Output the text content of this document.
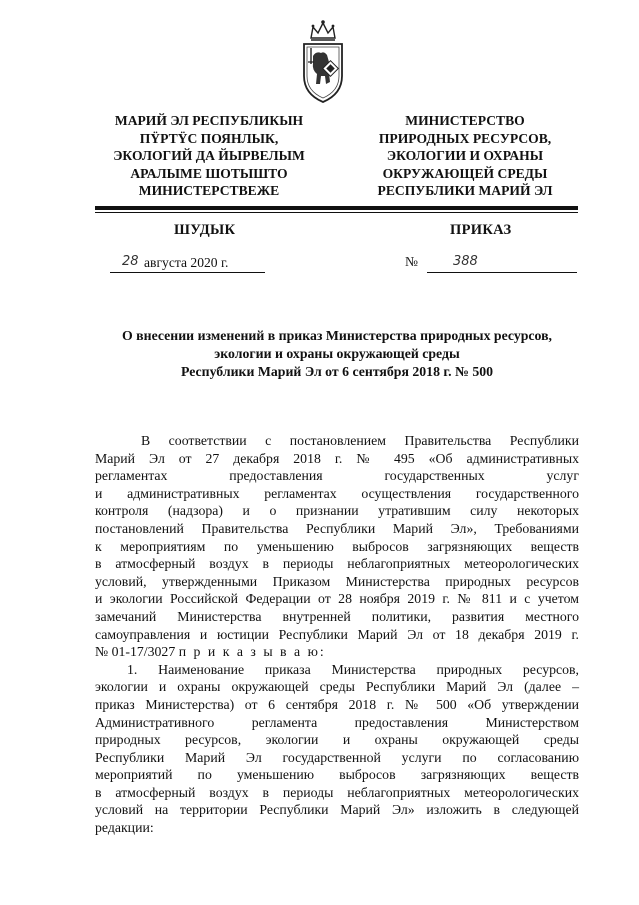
МАРИЙ ЭЛ РЕСПУБЛИКЫН
ПŸРТŸС ПОЯНЛЫК,
ЭКОЛОГИЙ ДА ЙЫРВЕЛЫМ
АРАЛЫМЕ ШОТЫШТО
МИНИСТЕРСТВЕЖЕ
МИНИСТЕРСТВО
ПРИРОДНЫХ РЕСУРСОВ,
ЭКОЛОГИИ И ОХРАНЫ
ОКРУЖАЮЩЕЙ СРЕДЫ
РЕСПУБЛИКИ МАРИЙ ЭЛ
ШУДЫК	ПРИКАЗ
28 августа 2020 г.	№	388
О внесении изменений в приказ Министерства природных ресурсов,
экологии и охраны окружающей среды
Республики Марий Эл от 6 сентября 2018 г. № 500
В соответствии с постановлением Правительства Республики
Марий Эл от 27 декабря 2018 г. № 495 «Об административных
регламентах предоставления государственных услуг
и административных регламентах осуществления государственного
контроля (надзора) и о признании утратившим силу некоторых
постановлений Правительства Республики Марий Эл», Требованиями
к мероприятиям по уменьшению выбросов загрязняющих веществ
в атмосферный воздух в периоды неблагоприятных метеорологических
условий, утвержденными Приказом Министерства природных ресурсов
и экологии Российской Федерации от 28 ноября 2019 г. № 811 и с учетом
замечаний Министерства внутренней политики, развития местного
самоуправления и юстиции Республики Марий Эл от 18 декабря 2019 г.
№ 01-17/3027 п р и к а з ы в а ю:
1. Наименование приказа Министерства природных ресурсов,
экологии и охраны окружающей среды Республики Марий Эл (далее –
приказ Министерства) от 6 сентября 2018 г. № 500 «Об утверждении
Административного регламента предоставления Министерством
природных ресурсов, экологии и охраны окружающей среды
Республики Марий Эл государственной услуги по согласованию
мероприятий по уменьшению выбросов загрязняющих веществ
в атмосферный воздух в периоды неблагоприятных метеорологических
условий на территории Республики Марий Эл» изложить в следующей
редакции:
